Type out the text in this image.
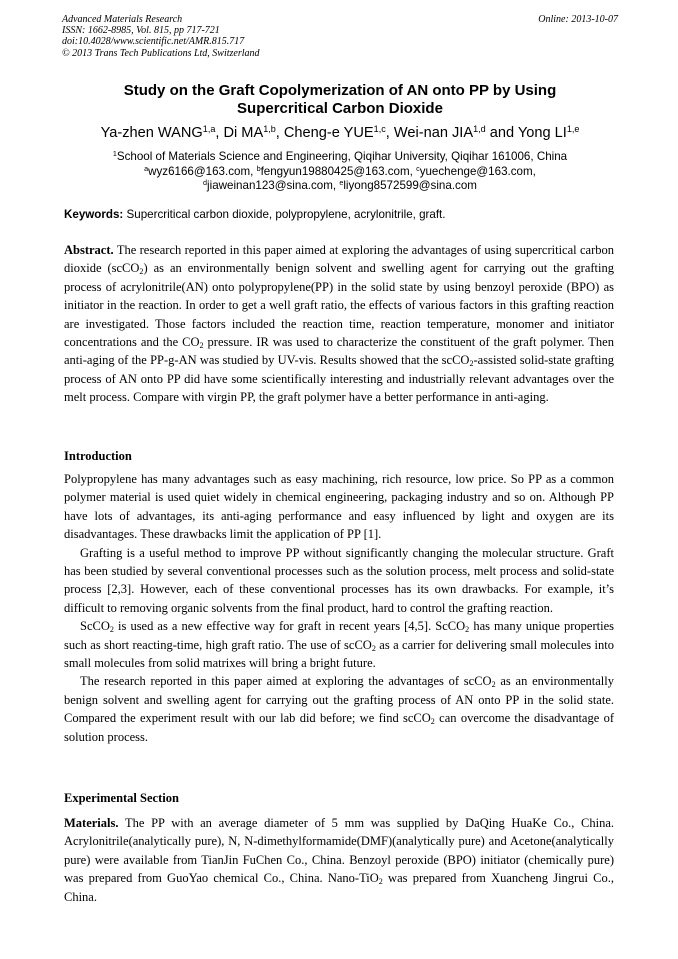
Advanced Materials Research
ISSN: 1662-8985, Vol. 815, pp 717-721
doi:10.4028/www.scientific.net/AMR.815.717
© 2013 Trans Tech Publications Ltd, Switzerland
Online: 2013-10-07
Study on the Graft Copolymerization of AN onto PP by Using
Supercritical Carbon Dioxide
Ya-zhen WANG$^{1,a}$, Di MA$^{1,b}$, Cheng-e YUE$^{1,c}$, Wei-nan JIA$^{1,d}$ and Yong LI$^{1,e}$
$^1$School of Materials Science and Engineering, Qiqihar University, Qiqihar 161006, China
$^a$wyz6166@163.com, $^b$fengyun19880425@163.com, $^c$yuechenge@163.com,
$^d$jiaweinan123@sina.com, $^e$liyong8572599@sina.com
Keywords: Supercritical carbon dioxide, polypropylene, acrylonitrile, graft.

Abstract. The research reported in this paper aimed at exploring the advantages of using supercritical carbon dioxide (scCO$_2$) as an environmentally benign solvent and swelling agent for carrying out the grafting process of acrylonitrile(AN) onto polypropylene(PP) in the solid state by using benzoyl peroxide (BPO) as initiator in the reaction. In order to get a well graft ratio, the effects of various factors in this grafting reaction are investigated. Those factors included the reaction time, reaction temperature, monomer and initiator concentrations and the $CO_2$ pressure. IR was used to characterize the constituent of the graft polymer. Then anti-aging of the PP-g-AN was studied by UV-vis. Results showed that the scCO$_2$-assisted solid-state grafting process of AN onto PP did have some scientifically interesting and industrially relevant advantages over the melt process. Compare with virgin PP, the graft polymer have a better performance in anti-aging.

Introduction

Polypropylene has many advantages such as easy machining, rich resource, low price. So PP as a common polymer material is used quiet widely in chemical engineering, packaging industry and so on. Although PP have lots of advantages, its anti-aging performance and easy influenced by light and oxygen are its disadvantages. These drawbacks limit the application of PP [1].

Grafting is a useful method to improve PP without significantly changing the molecular structure. Graft has been studied by several conventional processes such as the solution process, melt process and solid-state process [2,3]. However, each of these conventional processes has its own drawbacks. For example, it’s difficult to removing organic solvents from the final product, hard to control the grafting reaction.

ScCO$_2$ is used as a new effective way for graft in recent years [4,5]. ScCO$_2$ has many unique properties such as short reacting-time, high graft ratio. The use of scCO$_2$ as a carrier for delivering small molecules into small molecules from solid matrixes will bring a bright future.

The research reported in this paper aimed at exploring the advantages of scCO$_2$ as an environmentally benign solvent and swelling agent for carrying out the grafting process of AN onto PP in the solid state. Compared the experiment result with our lab did before; we find scCO$_2$ can overcome the disadvantage of solution process.

Experimental Section

Materials. The PP with an average diameter of 5 mm was supplied by DaQing HuaKe Co., China. Acrylonitrile(analytically pure), N, N-dimethylformamide(DMF)(analytically pure) and Acetone(analytically pure) were available from TianJin FuChen Co., China. Benzoyl peroxide (BPO) initiator (chemically pure) was prepared from GuoYao chemical Co., China. Nano-TiO$_2$ was prepared from Xuancheng Jingrui Co., China.
